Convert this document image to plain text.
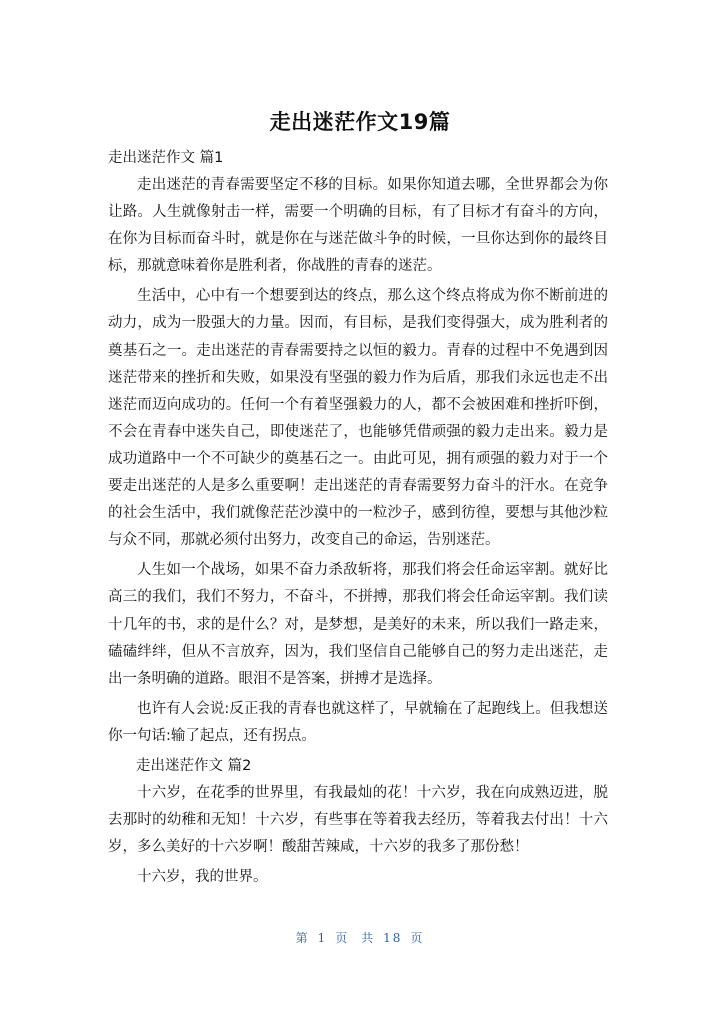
走出迷茫作文19篇

走出迷茫作文 篇1

走出迷茫的青春需要坚定不移的目标。如果你知道去哪，全世界都会为你让路。人生就像射击一样，需要一个明确的目标，有了目标才有奋斗的方向，在你为目标而奋斗时，就是你在与迷茫做斗争的时候，一旦你达到你的最终目标，那就意味着你是胜利者，你战胜的青春的迷茫。

生活中，心中有一个想要到达的终点，那么这个终点将成为你不断前进的动力，成为一股强大的力量。因而，有目标，是我们变得强大，成为胜利者的奠基石之一。走出迷茫的青春需要持之以恒的毅力。青春的过程中不免遇到因迷茫带来的挫折和失败，如果没有坚强的毅力作为后盾，那我们永远也走不出迷茫而迈向成功的。任何一个有着坚强毅力的人，都不会被困难和挫折吓倒，不会在青春中迷失自己，即使迷茫了，也能够凭借顽强的毅力走出来。毅力是成功道路中一个不可缺少的奠基石之一。由此可见，拥有顽强的毅力对于一个要走出迷茫的人是多么重要啊！走出迷茫的青春需要努力奋斗的汗水。在竞争的社会生活中，我们就像茫茫沙漠中的一粒沙子，感到彷徨，要想与其他沙粒与众不同，那就必须付出努力，改变自己的命运，告别迷茫。

人生如一个战场，如果不奋力杀敌斩将，那我们将会任命运宰割。就好比高三的我们，我们不努力，不奋斗，不拼搏，那我们将会任命运宰割。我们读十几年的书，求的是什么？对，是梦想，是美好的未来，所以我们一路走来，磕磕绊绊，但从不言放弃，因为，我们坚信自己能够自己的努力走出迷茫，走出一条明确的道路。眼泪不是答案，拼搏才是选择。

也许有人会说:反正我的青春也就这样了，早就输在了起跑线上。但我想送你一句话:输了起点，还有拐点。

走出迷茫作文 篇2

十六岁，在花季的世界里，有我最灿的花！十六岁，我在向成熟迈进，脱去那时的幼稚和无知！十六岁，有些事在等着我去经历，等着我去付出！十六岁，多么美好的十六岁啊！酸甜苦辣咸，十六岁的我多了那份愁！

十六岁，我的世界。

第 1 页 共 18 页
